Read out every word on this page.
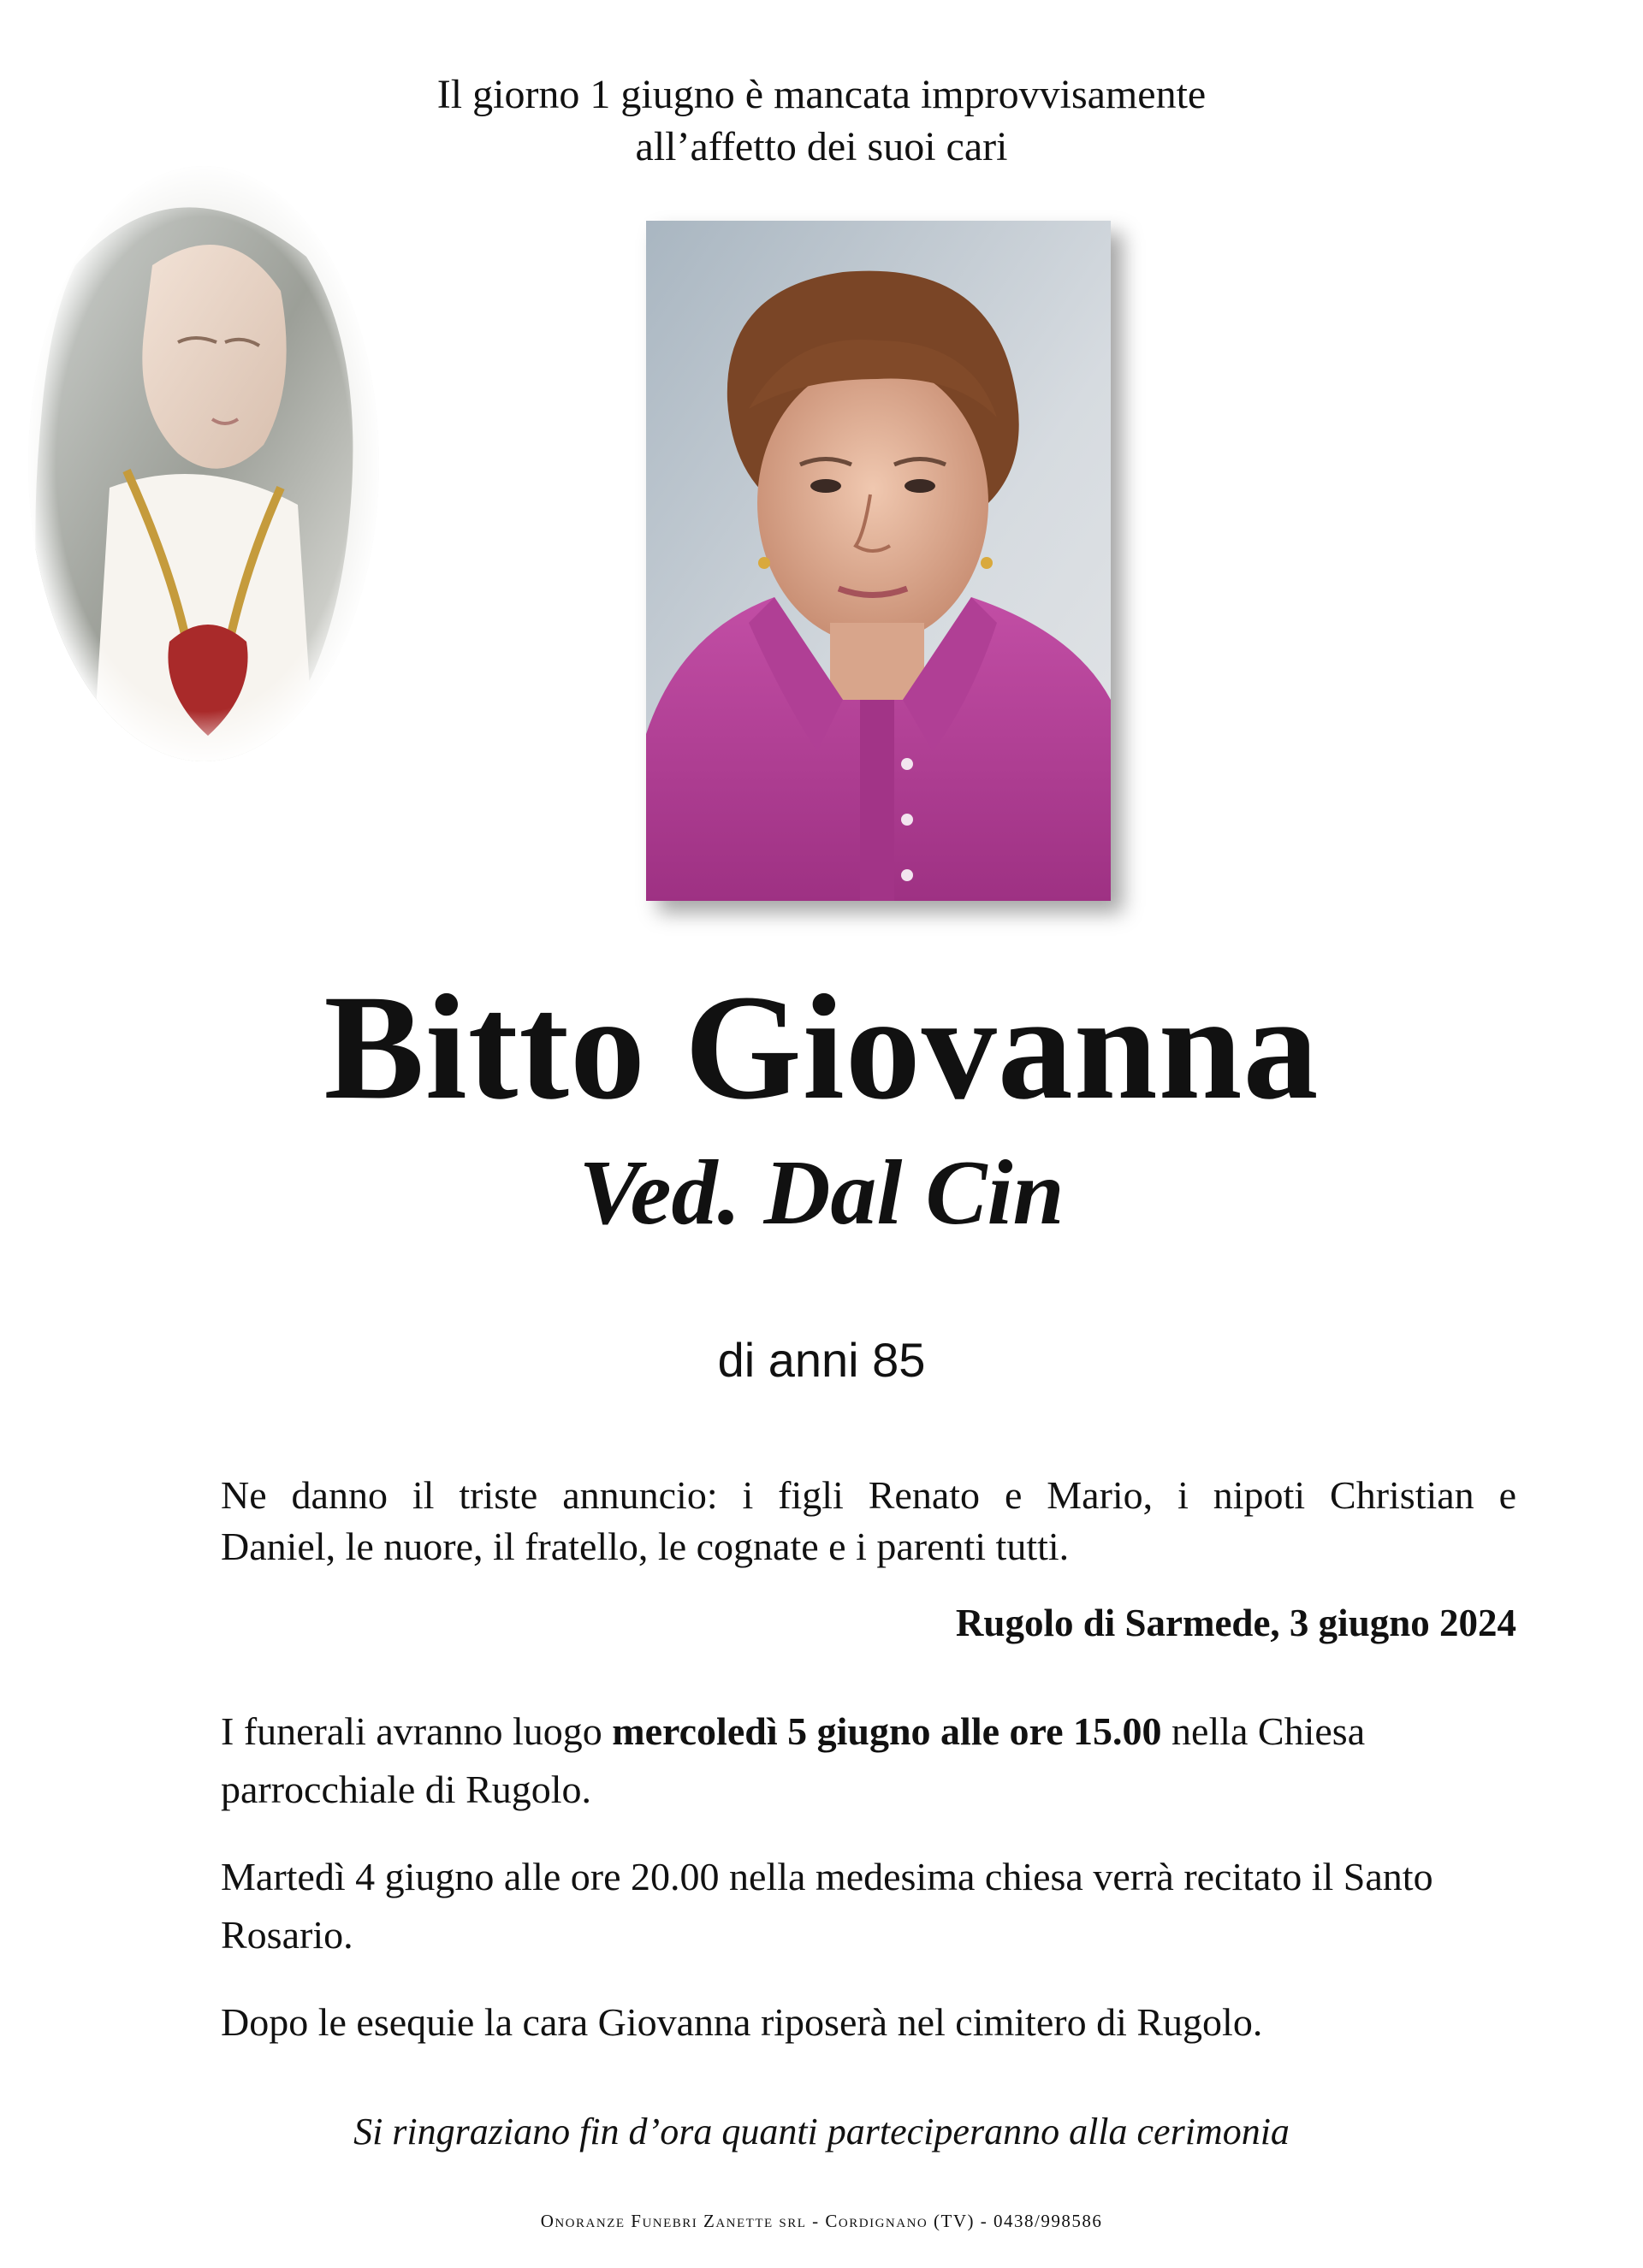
Il giorno 1 giugno è mancata improvvisamente
all’affetto dei suoi cari
Bitto Giovanna
Ved. Dal Cin
di anni 85
Ne danno il triste annuncio: i figli Renato e Mario, i nipoti Christian e
Daniel, le nuore, il fratello, le cognate e i parenti tutti.
Rugolo di Sarmede, 3 giugno 2024
I funerali avranno luogo mercoledì 5 giugno alle ore 15.00 nella Chiesa parrocchiale di Rugolo.
Martedì 4 giugno alle ore 20.00 nella medesima chiesa verrà recitato il Santo Rosario.
Dopo le esequie la cara Giovanna riposerà nel cimitero di Rugolo.
Si ringraziano fin d’ora quanti parteciperanno alla cerimonia
Onoranze Funebri Zanette srl - Cordignano (TV) - 0438/998586
